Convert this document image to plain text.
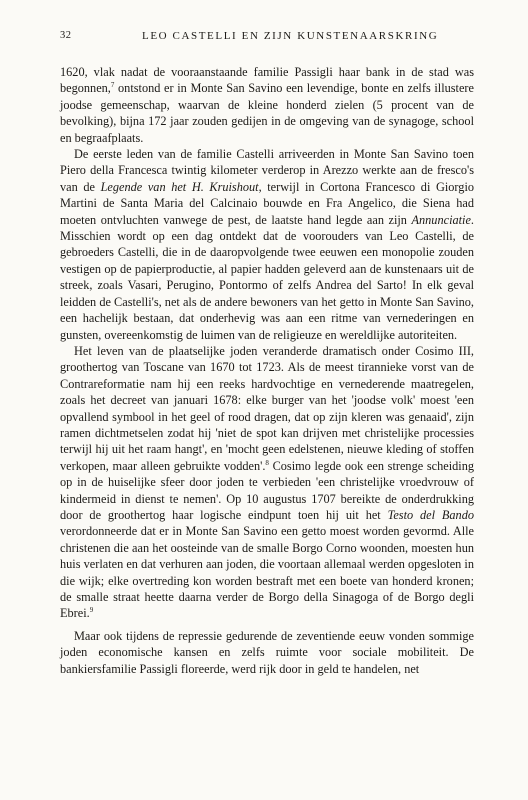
32	LEO CASTELLI EN ZIJN KUNSTENAARSKRING

1620, vlak nadat de vooraanstaande familie Passigli haar bank in de stad was begonnen,$^7$ ontstond er in Monte San Savino een levendige, bonte en zelfs illustere joodse gemeenschap, waarvan de kleine honderd zielen (5 procent van de bevolking), bijna 172 jaar zouden gedijen in de omgeving van de synagoge, school en begraafplaats.

De eerste leden van de familie Castelli arriveerden in Monte San Savino toen Piero della Francesca twintig kilometer verderop in Arezzo werkte aan de fresco's van de Legende van het H. Kruishout, terwijl in Cortona Francesco di Giorgio Martini de Santa Maria del Calcinaio bouwde en Fra Angelico, die Siena had moeten ontvluchten vanwege de pest, de laatste hand legde aan zijn Annunciatie. Misschien wordt op een dag ontdekt dat de voorouders van Leo Castelli, de gebroeders Castelli, die in de daaropvolgende twee eeuwen een monopolie zouden vestigen op de papierproductie, al papier hadden geleverd aan de kunstenaars uit de streek, zoals Vasari, Perugino, Pontormo of zelfs Andrea del Sarto! In elk geval leidden de Castelli's, net als de andere bewoners van het getto in Monte San Savino, een hachelijk bestaan, dat onderhevig was aan een ritme van vernederingen en gunsten, overeenkomstig de luimen van de religieuze en wereldlijke autoriteiten.

Het leven van de plaatselijke joden veranderde dramatisch onder Cosimo III, groothertog van Toscane van 1670 tot 1723. Als de meest tirannieke vorst van de Contrareformatie nam hij een reeks hardvochtige en vernederende maatregelen, zoals het decreet van januari 1678: elke burger van het 'joodse volk' moest 'een opvallend symbool in het geel of rood dragen, dat op zijn kleren was genaaid', zijn ramen dichtmetselen zodat hij 'niet de spot kan drijven met christelijke processies terwijl hij uit het raam hangt', en 'mocht geen edelstenen, nieuwe kleding of stoffen verkopen, maar alleen gebruikte vodden'.$^8$ Cosimo legde ook een strenge scheiding op in de huiselijke sfeer door joden te verbieden 'een christelijke vroedvrouw of kindermeid in dienst te nemen'. Op 10 augustus 1707 bereikte de onderdrukking door de groothertog haar logische eindpunt toen hij uit het Testo del Bando verordonneerde dat er in Monte San Savino een getto moest worden gevormd. Alle christenen die aan het oosteinde van de smalle Borgo Corno woonden, moesten hun huis verlaten en dat verhuren aan joden, die voortaan allemaal werden opgesloten in die wijk; elke overtreding kon worden bestraft met een boete van honderd kronen; de smalle straat heette daarna verder de Borgo della Sinagoga of de Borgo degli Ebrei.$^9$

Maar ook tijdens de repressie gedurende de zeventiende eeuw vonden sommige joden economische kansen en zelfs ruimte voor sociale mobiliteit. De bankiersfamilie Passigli floreerde, werd rijk door in geld te handelen, net
